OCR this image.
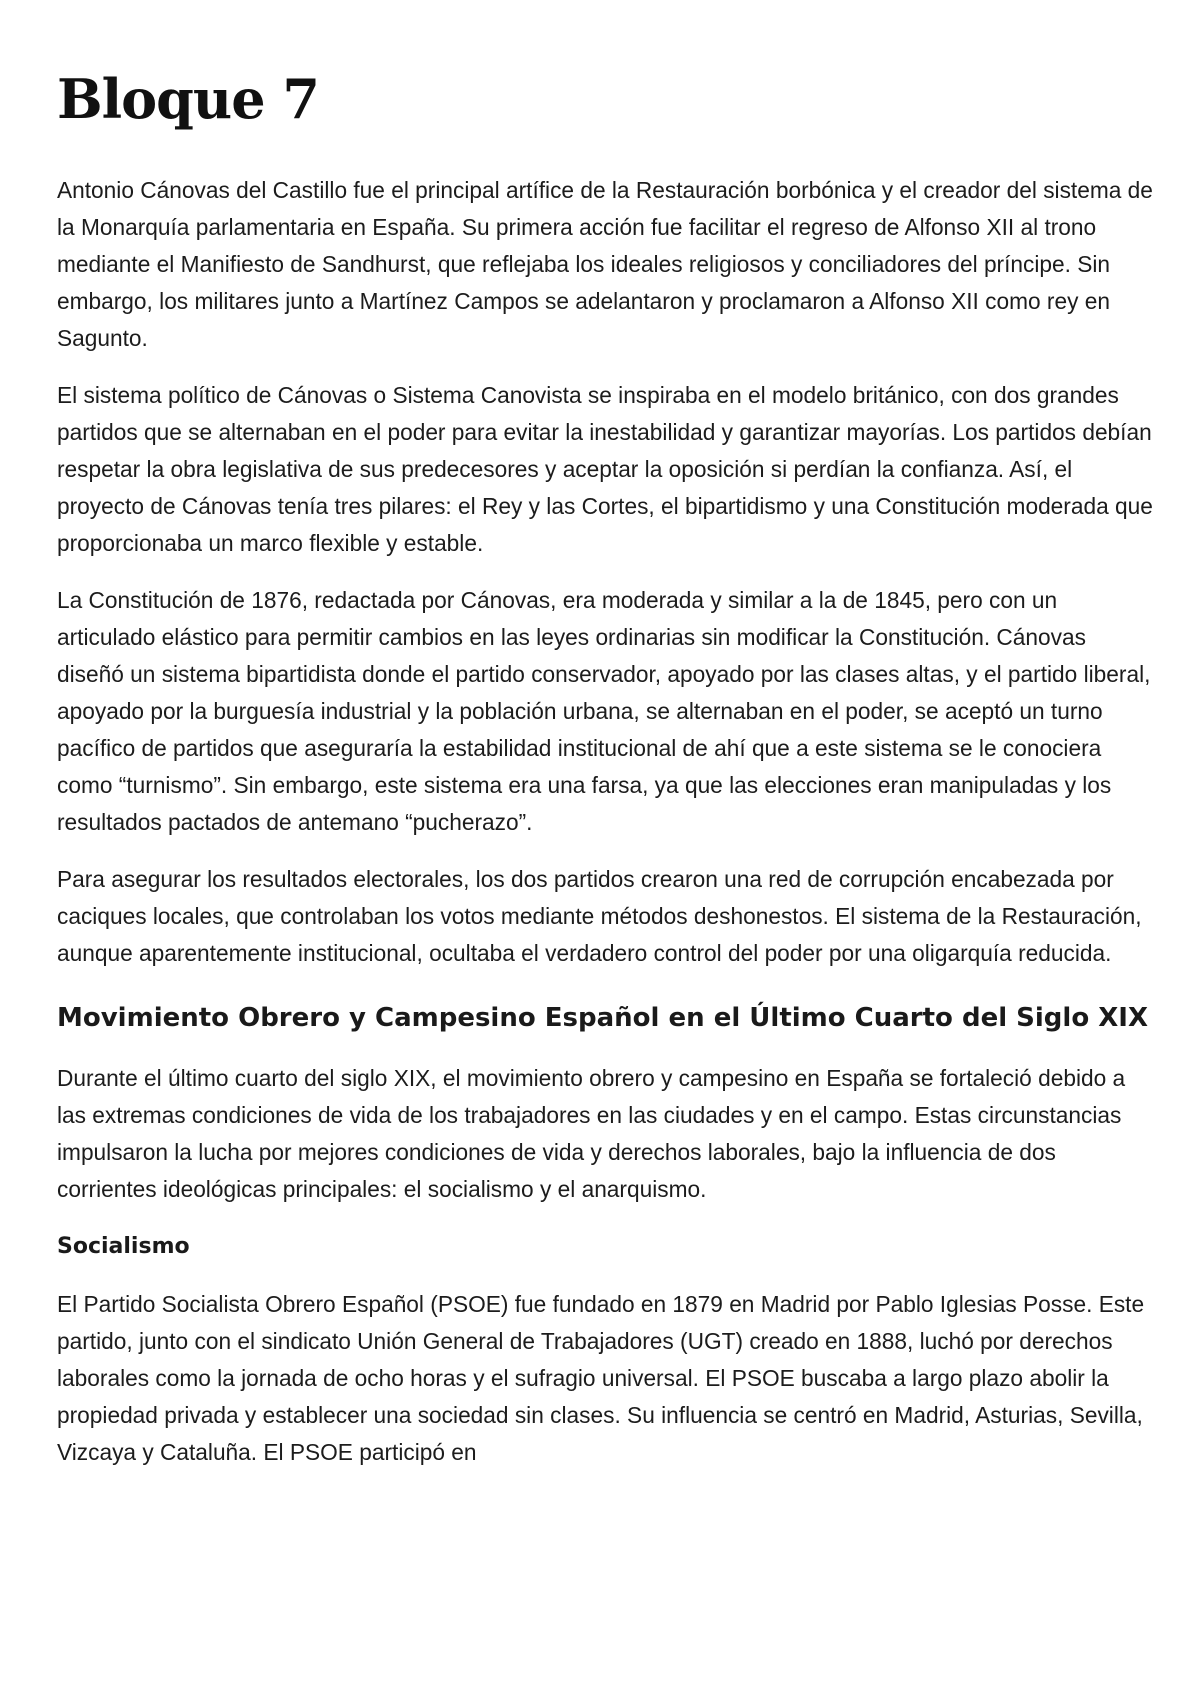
Bloque 7

Antonio Cánovas del Castillo fue el principal artífice de la Restauración borbónica y el creador del sistema de la Monarquía parlamentaria en España. Su primera acción fue facilitar el regreso de Alfonso XII al trono mediante el Manifiesto de Sandhurst, que reflejaba los ideales religiosos y conciliadores del príncipe. Sin embargo, los militares junto a Martínez Campos se adelantaron y proclamaron a Alfonso XII como rey en Sagunto.

El sistema político de Cánovas o Sistema Canovista se inspiraba en el modelo británico, con dos grandes partidos que se alternaban en el poder para evitar la inestabilidad y garantizar mayorías. Los partidos debían respetar la obra legislativa de sus predecesores y aceptar la oposición si perdían la confianza. Así, el proyecto de Cánovas tenía tres pilares: el Rey y las Cortes, el bipartidismo y una Constitución moderada que proporcionaba un marco flexible y estable.

La Constitución de 1876, redactada por Cánovas, era moderada y similar a la de 1845, pero con un articulado elástico para permitir cambios en las leyes ordinarias sin modificar la Constitución. Cánovas diseñó un sistema bipartidista donde el partido conservador, apoyado por las clases altas, y el partido liberal, apoyado por la burguesía industrial y la población urbana, se alternaban en el poder, se aceptó un turno pacífico de partidos que aseguraría la estabilidad institucional de ahí que a este sistema se le conociera como “turnismo”. Sin embargo, este sistema era una farsa, ya que las elecciones eran manipuladas y los resultados pactados de antemano “pucherazo”.

Para asegurar los resultados electorales, los dos partidos crearon una red de corrupción encabezada por caciques locales, que controlaban los votos mediante métodos deshonestos. El sistema de la Restauración, aunque aparentemente institucional, ocultaba el verdadero control del poder por una oligarquía reducida.

Movimiento Obrero y Campesino Español en el Último Cuarto del Siglo XIX

Durante el último cuarto del siglo XIX, el movimiento obrero y campesino en España se fortaleció debido a las extremas condiciones de vida de los trabajadores en las ciudades y en el campo. Estas circunstancias impulsaron la lucha por mejores condiciones de vida y derechos laborales, bajo la influencia de dos corrientes ideológicas principales: el socialismo y el anarquismo.

Socialismo

El Partido Socialista Obrero Español (PSOE) fue fundado en 1879 en Madrid por Pablo Iglesias Posse. Este partido, junto con el sindicato Unión General de Trabajadores (UGT) creado en 1888, luchó por derechos laborales como la jornada de ocho horas y el sufragio universal. El PSOE buscaba a largo plazo abolir la propiedad privada y establecer una sociedad sin clases. Su influencia se centró en Madrid, Asturias, Sevilla, Vizcaya y Cataluña. El PSOE participó en
